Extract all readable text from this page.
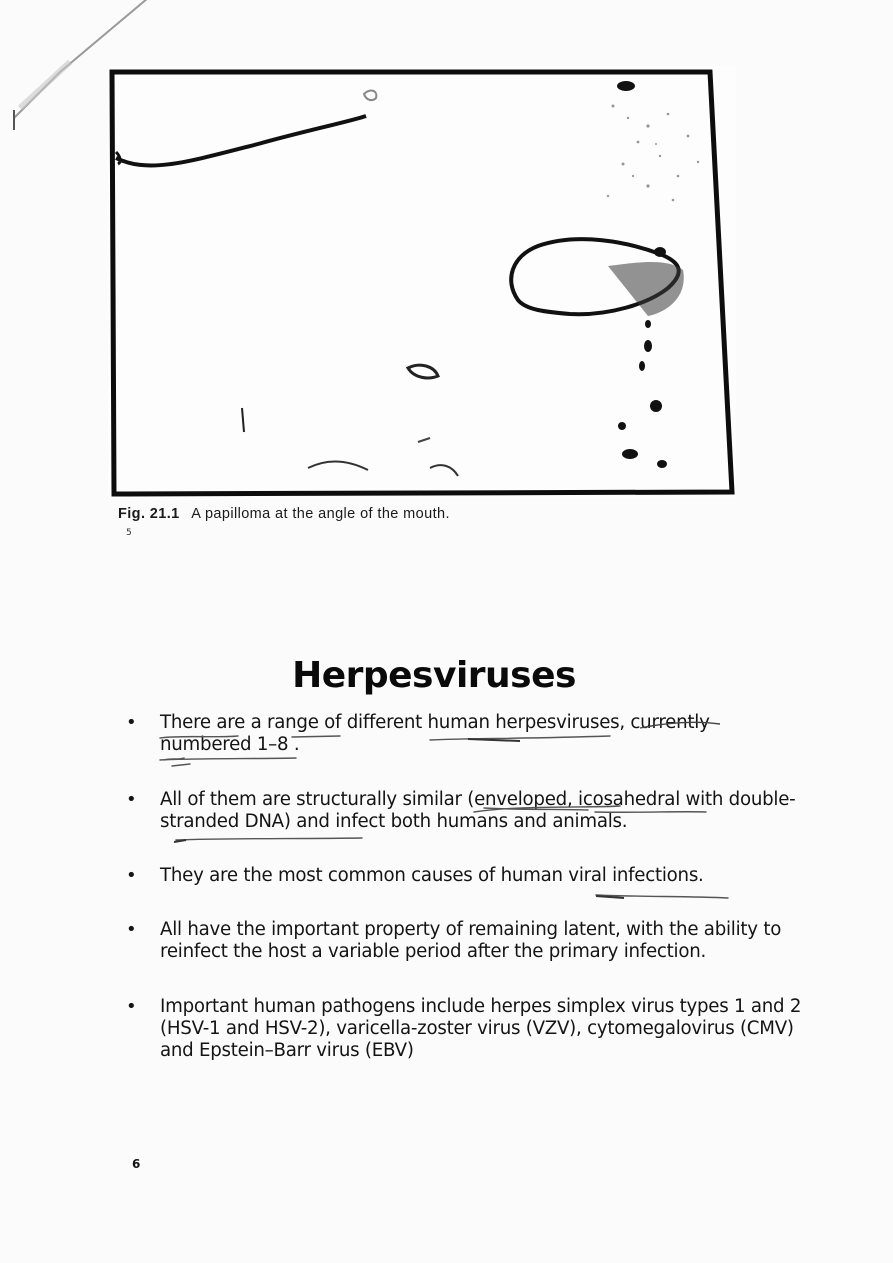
Fig. 21.1 A papilloma at the angle of the mouth.
5
Herpesviruses
• There are a range of different human herpesviruses, currently numbered 1–8 .
• All of them are structurally similar (enveloped, icosahedral with double-stranded DNA) and infect both humans and animals.
• They are the most common causes of human viral infections.
• All have the important property of remaining latent, with the ability to reinfect the host a variable period after the primary infection.
• Important human pathogens include herpes simplex virus types 1 and 2 (HSV-1 and HSV-2), varicella-zoster virus (VZV), cytomegalovirus (CMV) and Epstein–Barr virus (EBV)
6
